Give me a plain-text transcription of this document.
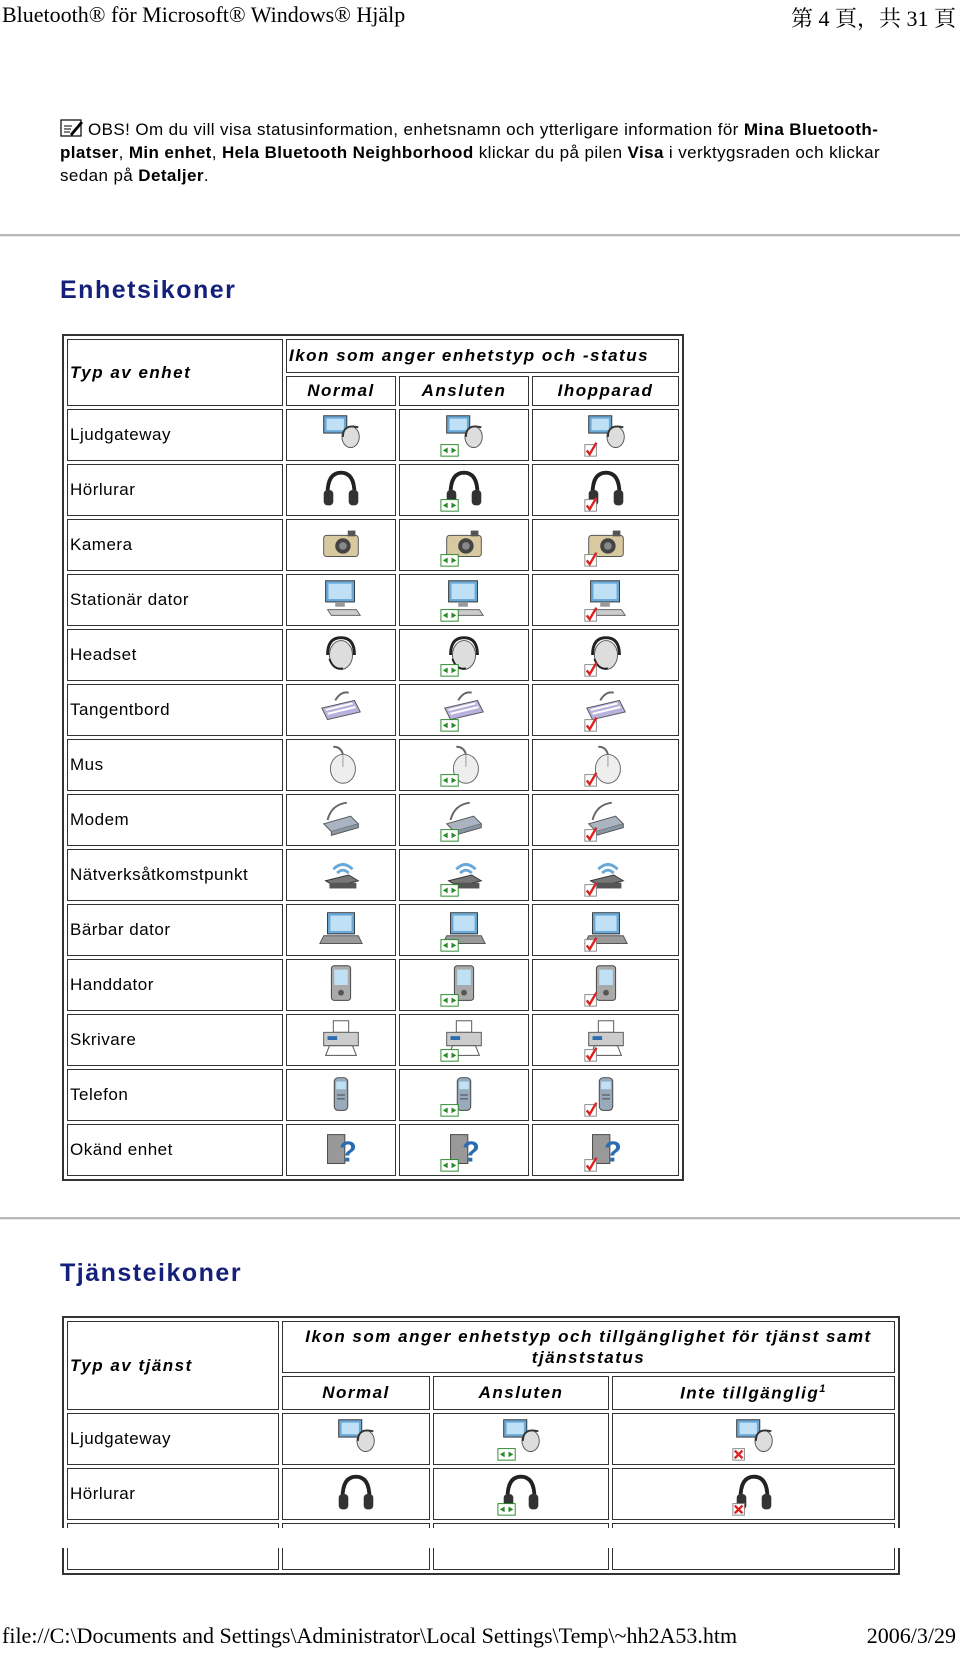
Bluetooth® för Microsoft® Windows® Hjälp	第 4 頁，共 31 頁
OBS! Om du vill visa statusinformation, enhetsnamn och ytterligare information för Mina Bluetooth-platser, Min enhet, Hela Bluetooth Neighborhood klickar du på pilen Visa i verktygsraden och klickar sedan på Detaljer.
Enhetsikoner
Typ av enhet	Ikon som anger enhetstyp och -status		
	Normal	Ansluten	Ihopparad
Ljudgateway	

Hörlurar	

Kamera	

Stationär dator	

Headset	

Tangentbord	

Mus	

Modem	

Nätverksåtkomstpunkt	

Bärbar dator	

Handdator	

Skrivare	

Telefon	

Okänd enhet	?	?	?
Tjänsteikoner
Typ av tjänst	Ikon som anger enhetstyp och tillgänglighet för tjänst samt tjänststatus		
	Normal	Ansluten	Inte tillgänglig$^1$
Ljudgateway	

Hörlurar	

file://C:\Documents and Settings\Administrator\Local Settings\Temp\~hh2A53.htm	2006/3/29
